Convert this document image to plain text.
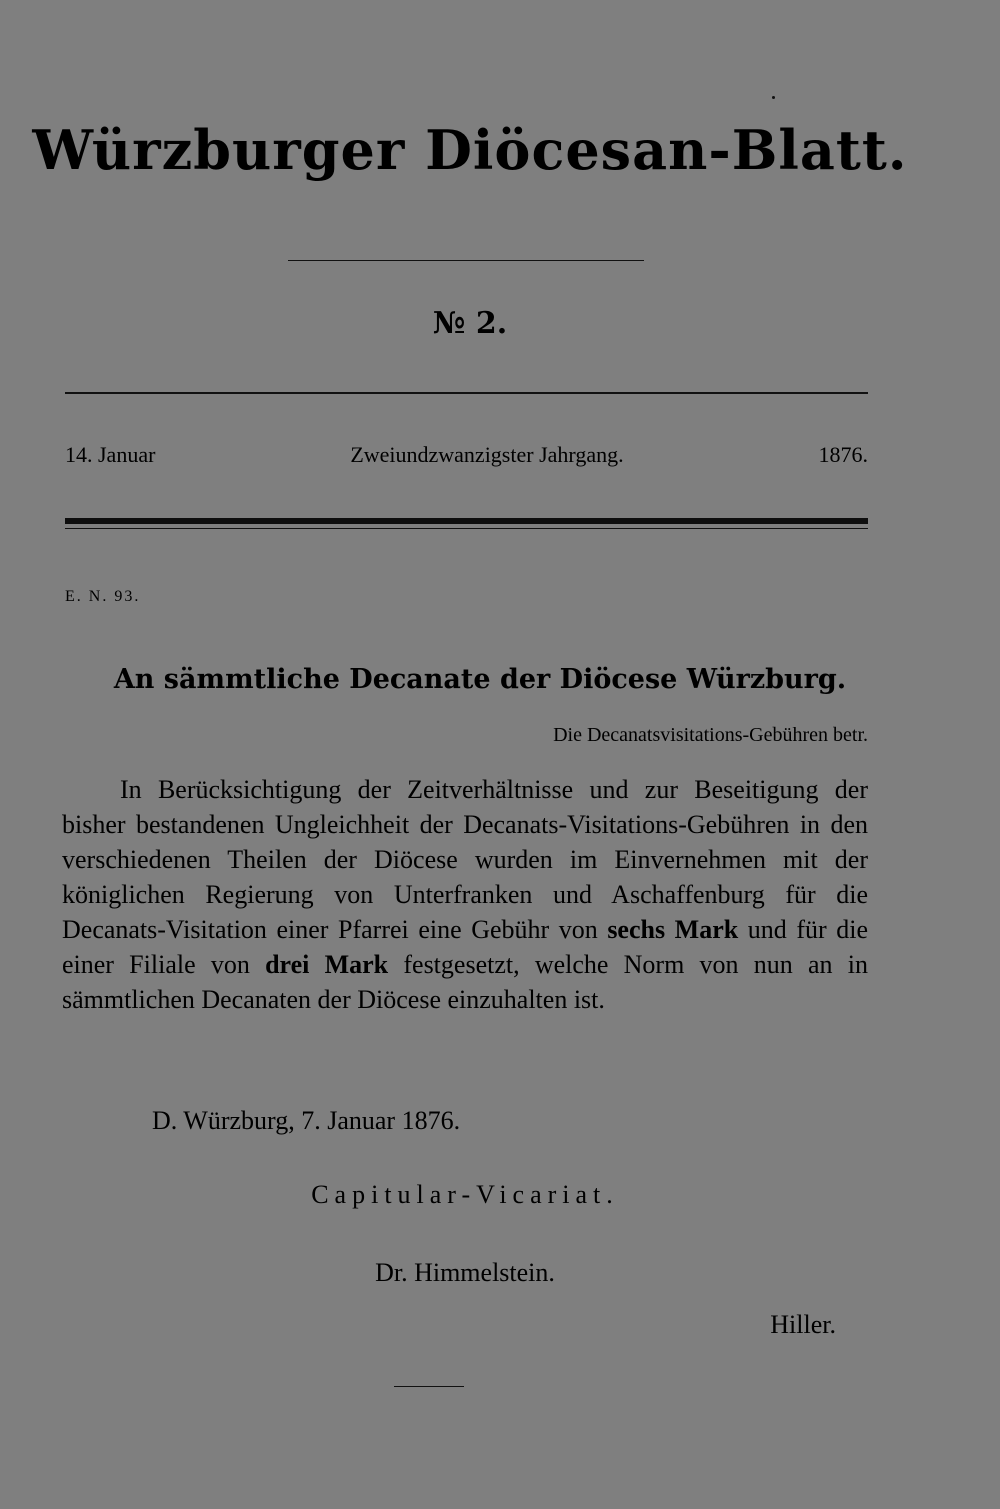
Würzburger Diöcesan-Blatt.
№ 2.
14. Januar	Zweiundzwanzigster Jahrgang.	1876.
E. N. 93.
An sämmtliche Decanate der Diöcese Würzburg.
Die Decanatsvisitations-Gebühren betr.
In Berücksichtigung der Zeitverhältnisse und zur Beseitigung der bisher bestandenen Ungleichheit der Decanats-Visitations-Gebühren in den verschiedenen Theilen der Diöcese wurden im Einvernehmen mit der königlichen Regierung von Unterfranken und Aschaffenburg für die Decanats-Visitation einer Pfarrei eine Gebühr von sechs Mark und für die einer Filiale von drei Mark festgesetzt, welche Norm von nun an in sämmtlichen Decanaten der Diöcese einzuhalten ist.
D. Würzburg, 7. Januar 1876.
Capitular-Vicariat.
Dr. Himmelstein.
Hiller.
